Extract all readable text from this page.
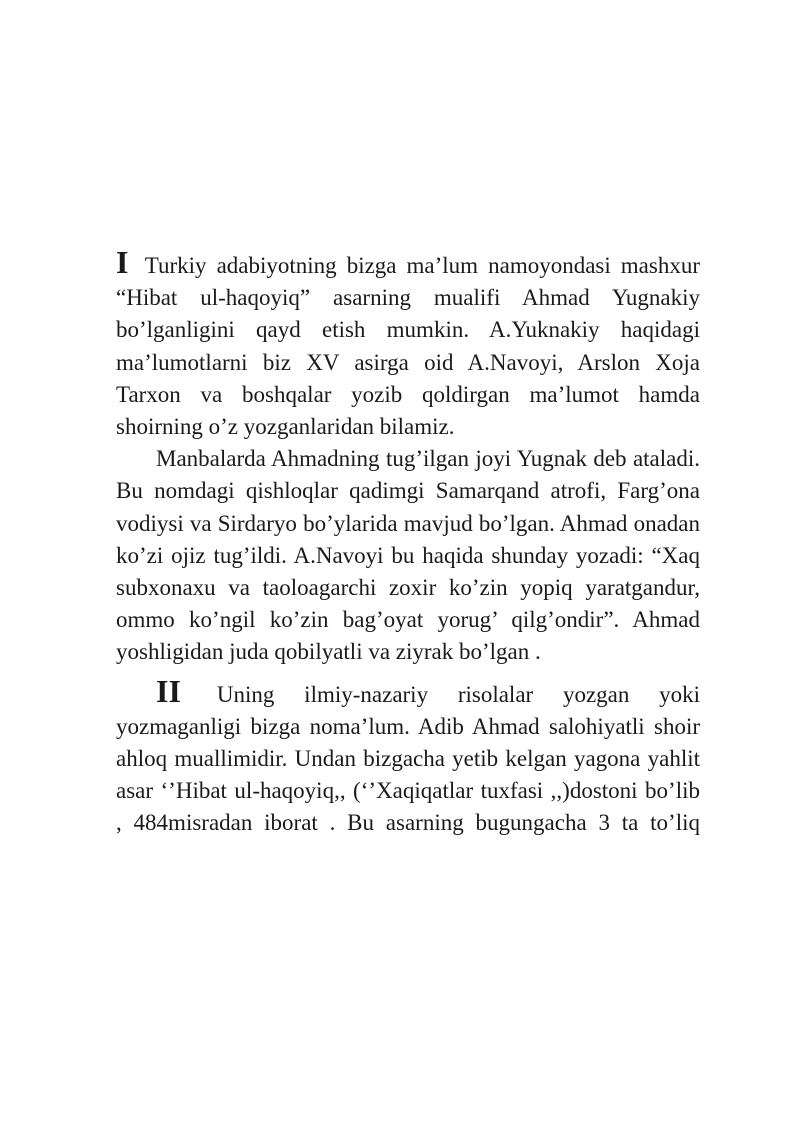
I Turkiy adabiyotning bizga ma’lum namoyondasi mashxur “Hibat ul-haqoyiq” asarning mualifi Ahmad Yugnakiy bo’lganligini qayd etish mumkin. A.Yuknakiy haqidagi ma’lumotlarni biz XV asirga oid A.Navoyi, Arslon Xoja Tarxon va boshqalar yozib qoldirgan ma’lumot hamda shoirning o’z yozganlaridan bilamiz.

Manbalarda Ahmadning tug’ilgan joyi Yugnak deb ataladi. Bu nomdagi qishloqlar qadimgi Samarqand atrofi, Farg’ona vodiysi va Sirdaryo bo’ylarida mavjud bo’lgan. Ahmad onadan ko’zi ojiz tug’ildi. A.Navoyi bu haqida shunday yozadi: “Xaq subxonaxu va taoloagarchi zoxir ko’zin yopiq yaratgandur, ommo ko’ngil ko’zin bag’oyat yorug’ qilg’ondir”. Ahmad yoshligidan juda qobilyatli va ziyrak bo’lgan .

II Uning ilmiy-nazariy risolalar yozgan yoki yozmaganligi bizga noma’lum. Adib Ahmad salohiyatli shoir ahloq muallimidir. Undan bizgacha yetib kelgan yagona yahlit asar ‘’Hibat ul-haqoyiq,, (‘’Xaqiqatlar tuxfasi ,,)dostoni bo’lib , 484misradan iborat . Bu asarning bugungacha 3 ta to’liq
